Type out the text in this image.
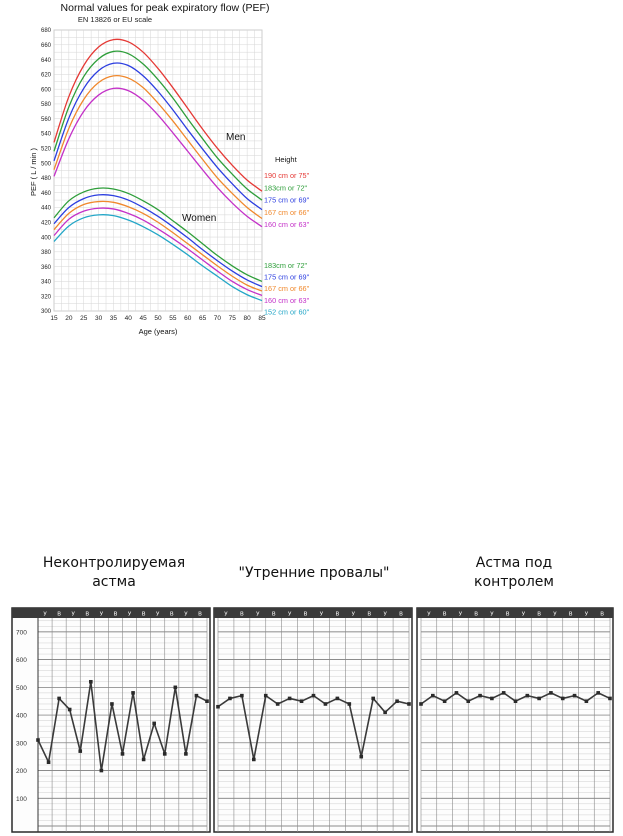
Normal values for peak expiratory flow (PEF)
EN 13826 or EU scale
300
320
340
360
380
400
420
440
460
480
500
520
540
560
580
600
620
640
660
680
15 20 25 30 35 40 45 50 55 60 65 70 75 80 85
Age (years)
PEF ( L / min )
Men
Women
Height
190 cm or 75"
183cm or 72"
175 cm or 69"
167 cm or 66"
160 cm or 63"
183cm or 72"
175 cm or 69"
167 cm or 66"
160 cm or 63"
152 cm or 60"
Неконтролируемая
астма
"Утренние провалы"
Астма под
контролем
У В У В У В У В У В У В
700
600
500
400
300
200
100
У В У В У В У В У В У В	У В У В У В У В У В У В
